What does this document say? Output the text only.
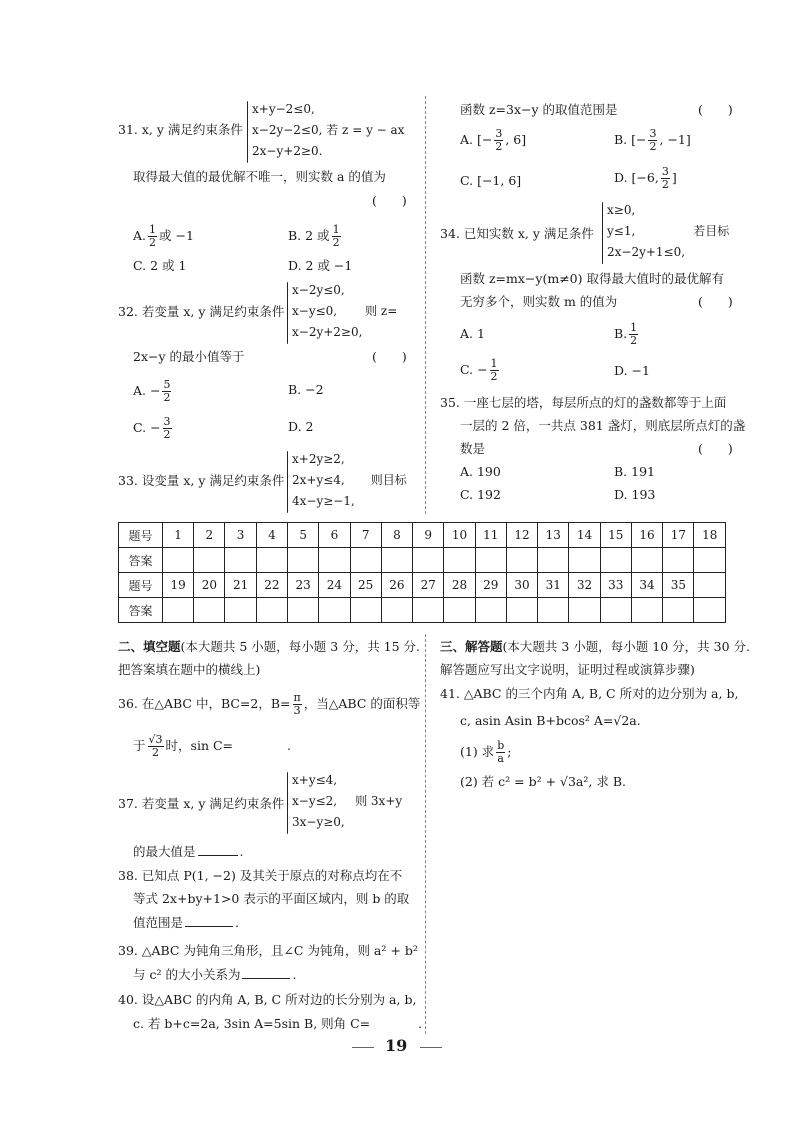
31. x, y 满足约束条件
x+y−2≤0,
x−2y−2≤0, 若 z = y − ax
2x−y+2≥0.
取得最大值的最优解不唯一，则实数 a 的值为
(　　)
A. $\frac{1}{2}$ 或 −1	B. 2 或 $\frac{1}{2}$
C. 2 或 1	D. 2 或 −1
32. 若变量 x, y 满足约束条件
x−2y≤0,
x−y≤0, 则 z=
x−2y+2≥0,
2x−y 的最小值等于	(　　)
A. − $\frac{5}{2}$	B. −2
C. − $\frac{3}{2}$	D. 2
33. 设变量 x, y 满足约束条件
x+2y≥2,
2x+y≤4, 则目标
4x−y≥−1,
函数 z=3x−y 的取值范围是	(　　)
A. [− $\frac{3}{2}$ , 6]	B. [− $\frac{3}{2}$ , −1]
C. [−1, 6]	D. [−6, $\frac{3}{2}$ ]
34. 已知实数 x, y 满足条件
x≥0,
y≤1,	若目标
2x−2y+1≤0,
函数 z=mx−y(m≠0) 取得最大值时的最优解有
无穷多个，则实数 m 的值为	(　　)
A. 1	B. $\frac{1}{2}$
C. − $\frac{1}{2}$	D. −1
35. 一座七层的塔，每层所点的灯的盏数都等于上面
一层的 2 倍，一共点 381 盏灯，则底层所点灯的盏
数是	(　　)
A. 190	B. 191
C. 192	D. 193
题号	1	2	3	4	5	6	7	8	9	10	11	12	13	14	15	16	17	18
答案																		
题号	19	20	21	22	23	24	25	26	27	28	29	30	31	32	33	34	35	
答案																		
二、填空题(本大题共 5 小题，每小题 3 分，共 15 分.
把答案填在题中的横线上)
36. 在△ABC 中，BC=2，$B= \frac{\pi}{3}$ ，当△ABC 的面积等
于 $\frac{√3}{2}$ 时，sin C=	.
37. 若变量 x, y 满足约束条件
x+y≤4,
x−y≤2, 则 3x+y
3x−y≥0,
的最大值是	.
38. 已知点 P(1, −2) 及其关于原点的对称点均在不
等式 2x+by+1>0 表示的平面区域内，则 b 的取
值范围是	.
39. △ABC 为钝角三角形，且∠C 为钝角，则 a² + b²
与 c² 的大小关系为	.
40. 设△ABC 的内角 A, B, C 所对边的长分别为 a, b,
c. 若 b+c=2a, 3sin A=5sin B, 则角 C=	.
三、解答题(本大题共 3 小题，每小题 10 分，共 30 分.
解答题应写出文字说明，证明过程或演算步骤)
41. △ABC 的三个内角 A, B, C 所对的边分别为 a, b,
c, asin Asin B+bcos² A=√2a.
(1) 求 $\frac{b}{a}$ ;
(2) 若 c² = b² + √3a², 求 B.
19
